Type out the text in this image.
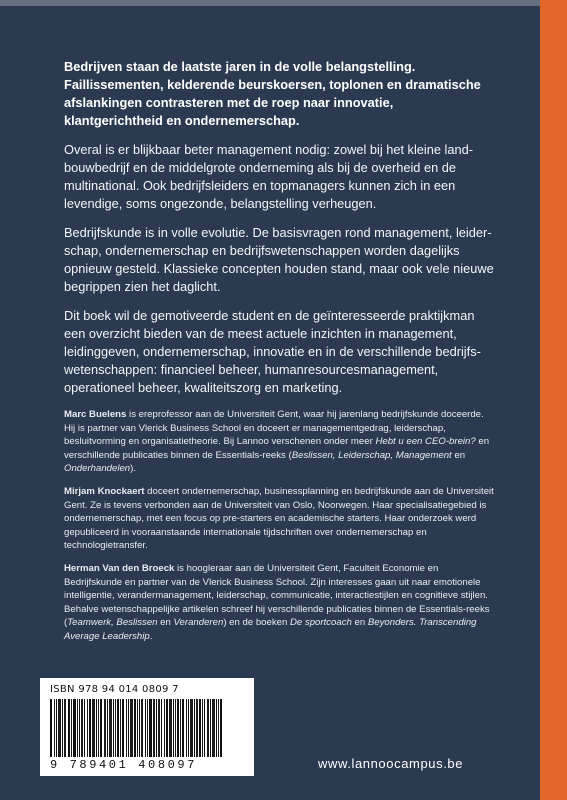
Bedrijven staan de laatste jaren in de volle belangstelling. Faillissementen, kelderende beurskoersen, toplonen en dramatische afslankingen contrasteren met de roep naar innovatie, klantgerichtheid en ondernemerschap.

Overal is er blijkbaar beter management nodig: zowel bij het kleine landbouwbedrijf en de middelgrote onderneming als bij de overheid en de multinational. Ook bedrijfsleiders en topmanagers kunnen zich in een levendige, soms ongezonde, belangstelling verheugen.

Bedrijfskunde is in volle evolutie. De basisvragen rond management, leiderschap, ondernemerschap en bedrijfswetenschappen worden dagelijks opnieuw gesteld. Klassieke concepten houden stand, maar ook vele nieuwe begrippen zien het daglicht.

Dit boek wil de gemotiveerde student en de geïnteresseerde praktijkman een overzicht bieden van de meest actuele inzichten in management, leidinggeven, ondernemerschap, innovatie en in de verschillende bedrijfswetenschappen: financieel beheer, humanresourcesmanagement, operationeel beheer, kwaliteitszorg en marketing.

Marc Buelens is ereprofessor aan de Universiteit Gent, waar hij jarenlang bedrijfskunde doceerde. Hij is partner van Vlerick Business School en doceert er managementgedrag, leiderschap, besluitvorming en organisatietheorie. Bij Lannoo verschenen onder meer Hebt u een CEO-brein? en verschillende publicaties binnen de Essentials-reeks (Beslissen, Leiderschap, Management en Onderhandelen).

Mirjam Knockaert doceert ondernemerschap, businessplanning en bedrijfskunde aan de Universiteit Gent. Ze is tevens verbonden aan de Universiteit van Oslo, Noorwegen. Haar specialisatiegebied is ondernemerschap, met een focus op pre-starters en academische starters. Haar onderzoek werd gepubliceerd in vooraanstaande internationale tijdschriften over ondernemerschap en technologietransfer.

Herman Van den Broeck is hoogleraar aan de Universiteit Gent, Faculteit Economie en Bedrijfskunde en partner van de Vlerick Business School. Zijn interesses gaan uit naar emotionele intelligentie, verandermanagement, leiderschap, communicatie, interactiestijlen en cognitieve stijlen. Behalve wetenschappelijke artikelen schreef hij verschillende publicaties binnen de Essentials-reeks (Teamwerk, Beslissen en Veranderen) en de boeken De sportcoach en Beyonders. Transcending Average Leadership.

ISBN 978 94 014 0809 7
9 789401 408097	www.lannoocampus.be
